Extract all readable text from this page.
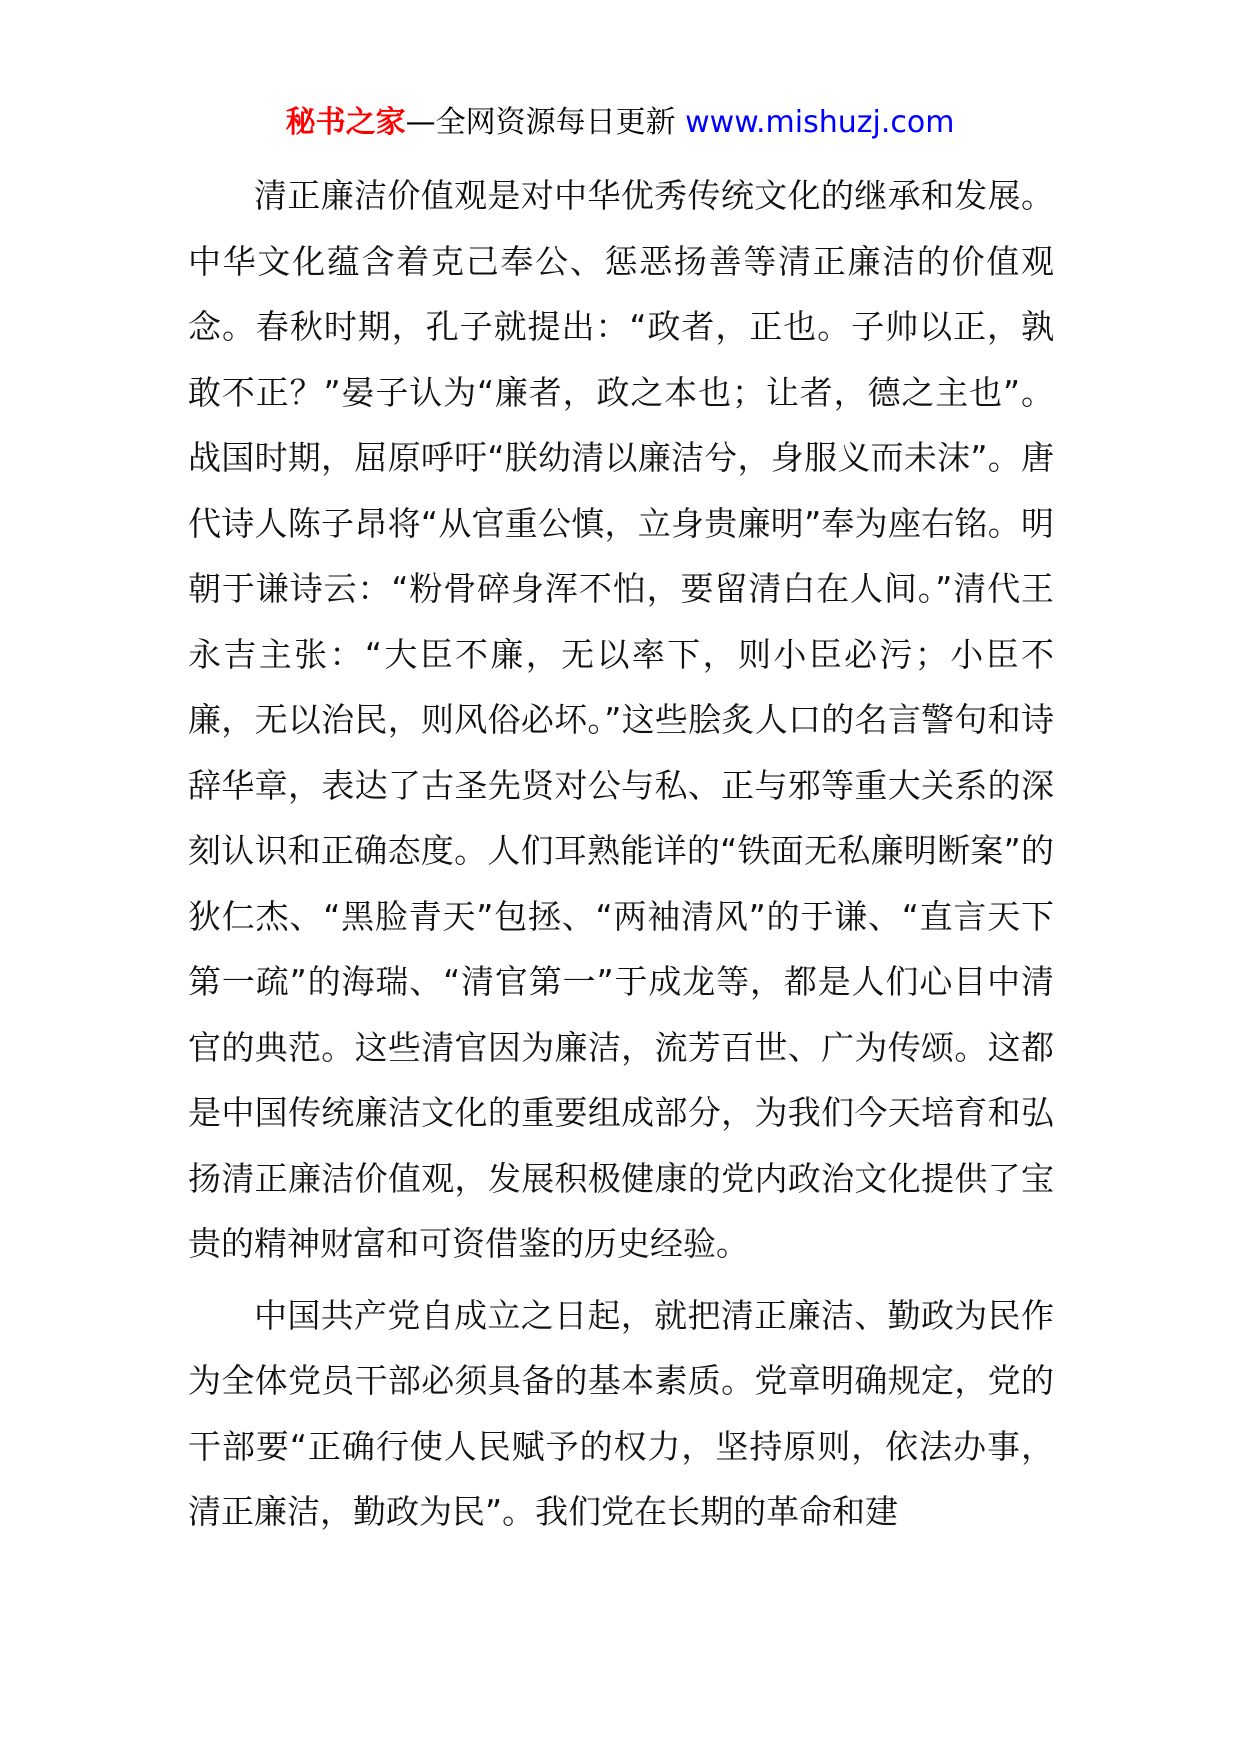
秘书之家—全网资源每日更新 www.mishuzj.com

清正廉洁价值观是对中华优秀传统文化的继承和发展。中华文化蕴含着克己奉公、惩恶扬善等清正廉洁的价值观念。春秋时期，孔子就提出：“政者，正也。子帅以正，孰敢不正？”晏子认为“廉者，政之本也；让者，德之主也”。战国时期，屈原呼吁“朕幼清以廉洁兮，身服义而未沫”。唐代诗人陈子昂将“从官重公慎，立身贵廉明”奉为座右铭。明朝于谦诗云：“粉骨碎身浑不怕，要留清白在人间。”清代王永吉主张：“大臣不廉，无以率下，则小臣必污；小臣不廉，无以治民，则风俗必坏。”这些脍炙人口的名言警句和诗辞华章，表达了古圣先贤对公与私、正与邪等重大关系的深刻认识和正确态度。人们耳熟能详的“铁面无私廉明断案”的狄仁杰、“黑脸青天”包拯、“两袖清风”的于谦、“直言天下第一疏”的海瑞、“清官第一”于成龙等，都是人们心目中清官的典范。这些清官因为廉洁，流芳百世、广为传颂。这都是中国传统廉洁文化的重要组成部分，为我们今天培育和弘扬清正廉洁价值观，发展积极健康的党内政治文化提供了宝贵的精神财富和可资借鉴的历史经验。

中国共产党自成立之日起，就把清正廉洁、勤政为民作为全体党员干部必须具备的基本素质。党章明确规定，党的干部要“正确行使人民赋予的权力，坚持原则，依法办事，清正廉洁，勤政为民”。我们党在长期的革命和建
